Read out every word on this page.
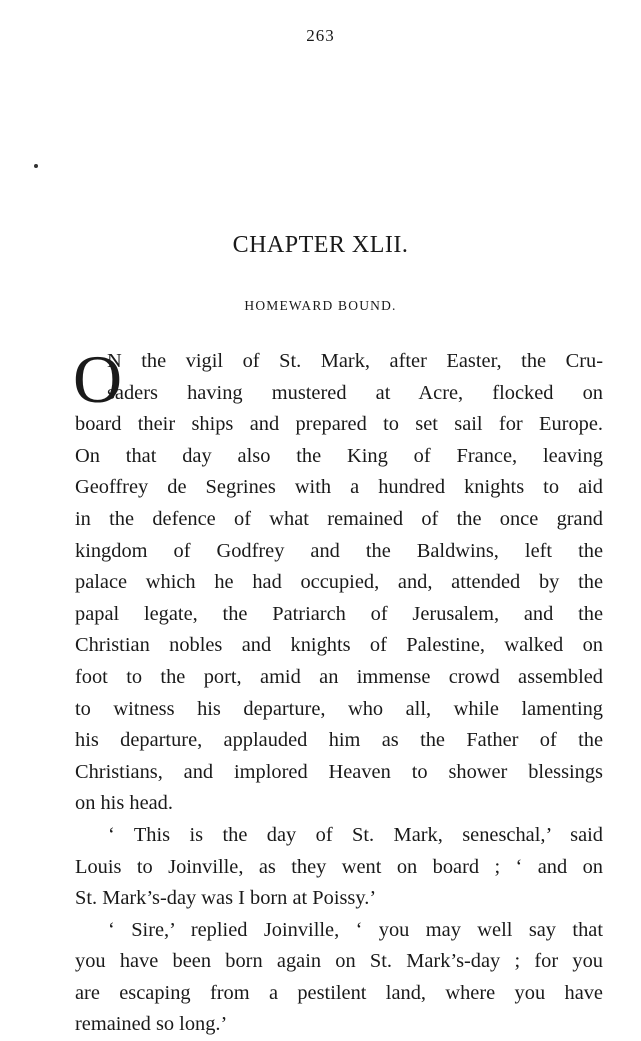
263
CHAPTER XLII.
HOMEWARD BOUND.
O
N the vigil of St. Mark, after Easter, the Cru-
saders having mustered at Acre, flocked on
board their ships and prepared to set sail for Europe.
On that day also the King of France, leaving
Geoffrey de Segrines with a hundred knights to aid
in the defence of what remained of the once grand
kingdom of Godfrey and the Baldwins, left the
palace which he had occupied, and, attended by the
papal legate, the Patriarch of Jerusalem, and the
Christian nobles and knights of Palestine, walked on
foot to the port, amid an immense crowd assembled
to witness his departure, who all, while lamenting
his departure, applauded him as the Father of the
Christians, and implored Heaven to shower blessings
on his head.
‘ This is the day of St. Mark, seneschal,’ said
Louis to Joinville, as they went on board ; ‘ and on
St. Mark’s-day was I born at Poissy.’
‘ Sire,’ replied Joinville, ‘ you may well say that
you have been born again on St. Mark’s-day ; for you
are escaping from a pestilent land, where you have
remained so long.’
